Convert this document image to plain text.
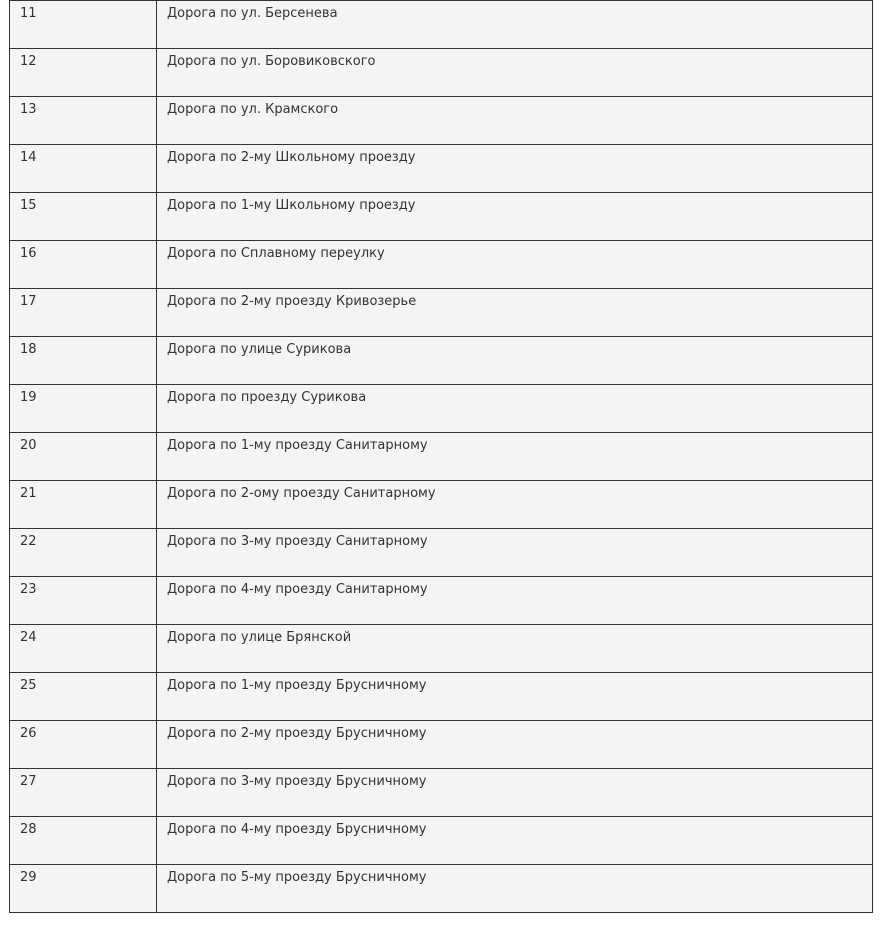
11	Дорога по ул. Берсенева
12	Дорога по ул. Боровиковского
13	Дорога по ул. Крамского
14	Дорога по 2-му Школьному проезду
15	Дорога по 1-му Школьному проезду
16	Дорога по Сплавному переулку
17	Дорога по 2-му проезду Кривозерье
18	Дорога по улице Сурикова
19	Дорога по проезду Сурикова
20	Дорога по 1-му проезду Санитарному
21	Дорога по 2-ому проезду Санитарному
22	Дорога по 3-му проезду Санитарному
23	Дорога по 4-му проезду Санитарному
24	Дорога по улице Брянской
25	Дорога по 1-му проезду Брусничному
26	Дорога по 2-му проезду Брусничному
27	Дорога по 3-му проезду Брусничному
28	Дорога по 4-му проезду Брусничному
29	Дорога по 5-му проезду Брусничному
